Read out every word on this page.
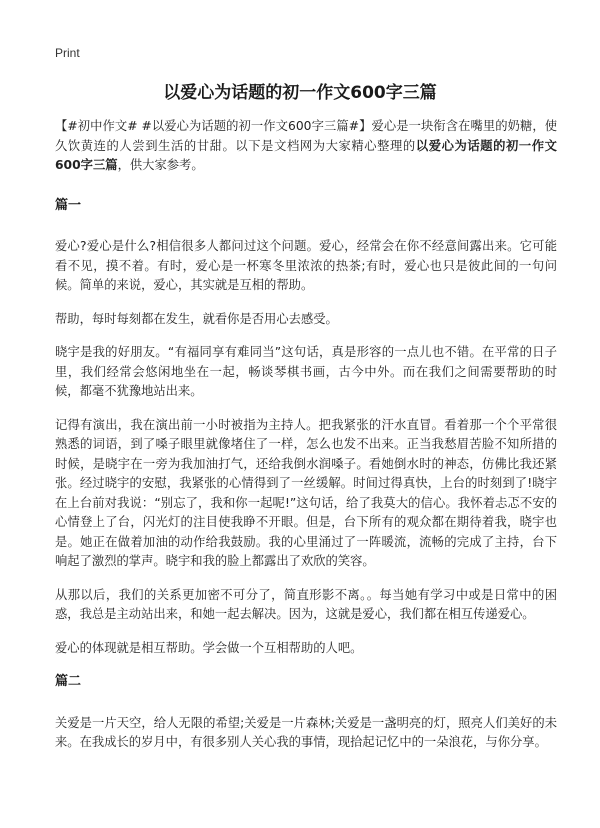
Print
以爱心为话题的初一作文600字三篇

【#初中作文# #以爱心为话题的初一作文600字三篇#】爱心是一块衔含在嘴里的奶糖，使久饮黄连的人尝到生活的甘甜。以下是文档网为大家精心整理的以爱心为话题的初一作文600字三篇，供大家参考。

篇一

爱心?爱心是什么?相信很多人都问过这个问题。爱心，经常会在你不经意间露出来。它可能看不见，摸不着。有时，爱心是一杯寒冬里浓浓的热茶;有时，爱心也只是彼此间的一句问候。简单的来说，爱心，其实就是互相的帮助。

帮助，每时每刻都在发生，就看你是否用心去感受。

晓宇是我的好朋友。“有福同享有难同当”这句话，真是形容的一点儿也不错。在平常的日子里，我们经常会悠闲地坐在一起，畅谈琴棋书画，古今中外。而在我们之间需要帮助的时候，都毫不犹豫地站出来。

记得有演出，我在演出前一小时被指为主持人。把我紧张的汗水直冒。看着那一个个平常很熟悉的词语，到了嗓子眼里就像堵住了一样，怎么也发不出来。正当我愁眉苦脸不知所措的时候，是晓宇在一旁为我加油打气，还给我倒水润嗓子。看她倒水时的神态，仿佛比我还紧张。经过晓宇的安慰，我紧张的心情得到了一丝缓解。时间过得真快，上台的时刻到了!晓宇在上台前对我说：“别忘了，我和你一起呢!”这句话，给了我莫大的信心。我怀着忐忑不安的心情登上了台，闪光灯的注目使我睁不开眼。但是，台下所有的观众都在期待着我，晓宇也是。她正在做着加油的动作给我鼓励。我的心里涌过了一阵暖流，流畅的完成了主持，台下响起了激烈的掌声。晓宇和我的脸上都露出了欢欣的笑容。

从那以后，我们的关系更加密不可分了，简直形影不离。。每当她有学习中或是日常中的困惑，我总是主动站出来，和她一起去解决。因为，这就是爱心，我们都在相互传递爱心。

爱心的体现就是相互帮助。学会做一个互相帮助的人吧。

篇二

关爱是一片天空，给人无限的希望;关爱是一片森林;关爱是一盏明亮的灯，照亮人们美好的未来。在我成长的岁月中，有很多别人关心我的事情，现拾起记忆中的一朵浪花，与你分享。
